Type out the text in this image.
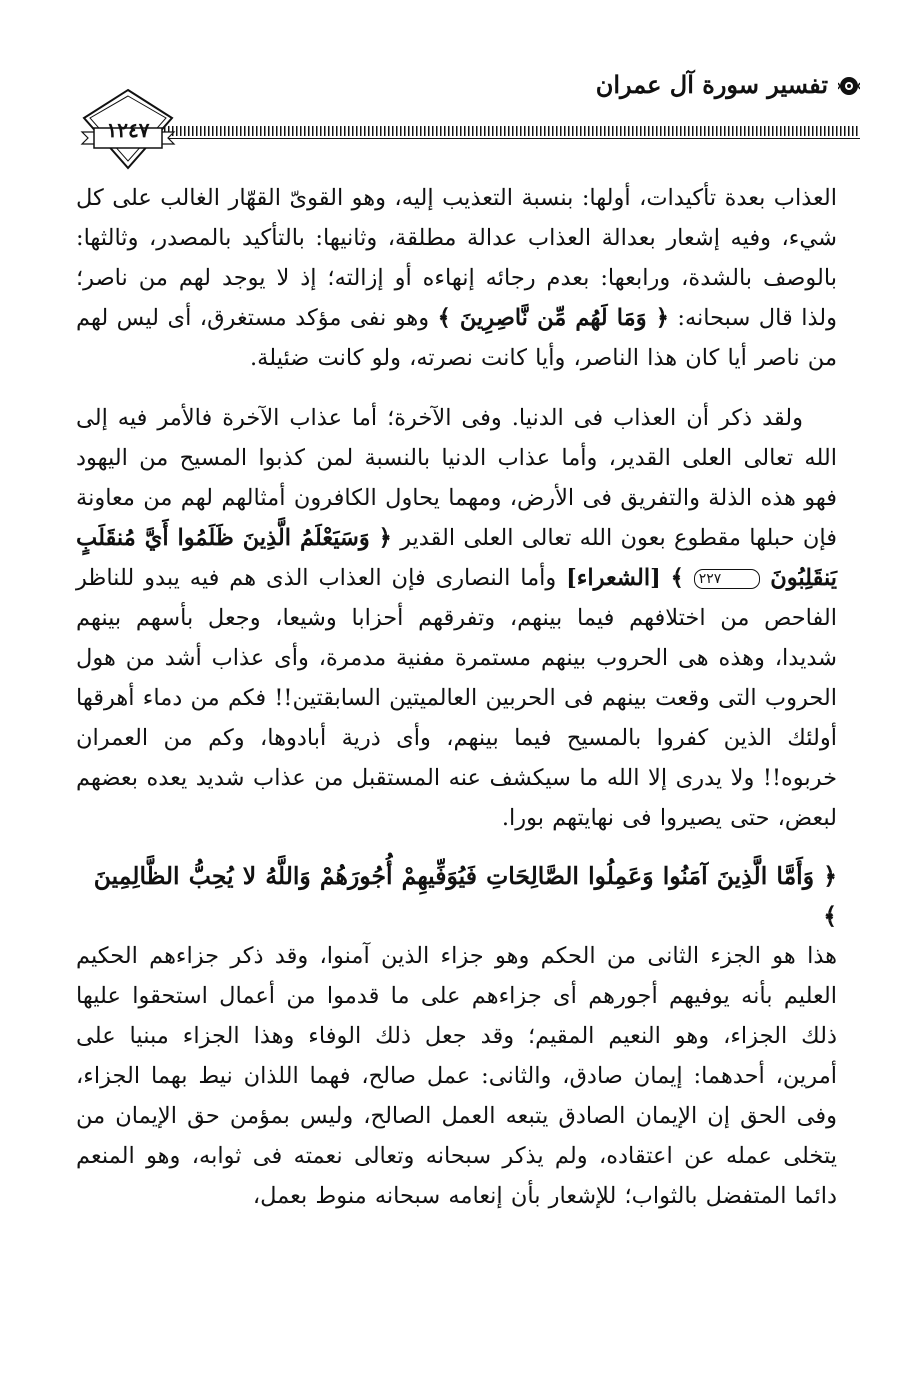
تفسير سورة آل عمران
١٢٤٧

العذاب بعدة تأكيدات، أولها: بنسبة التعذيب إليه، وهو القوىّ القهّار الغالب على كل شيء، وفيه إشعار بعدالة العذاب عدالة مطلقة، وثانيها: بالتأكيد بالمصدر، وثالثها: بالوصف بالشدة، ورابعها: بعدم رجائه إنهاءه أو إزالته؛ إذ لا يوجد لهم من ناصر؛ ولذا قال سبحانه: ﴿ وَمَا لَهُم مِّن نَّاصِرِينَ ﴾ وهو نفى مؤكد مستغرق، أى ليس لهم من ناصر أيا كان هذا الناصر، وأيا كانت نصرته، ولو كانت ضئيلة.

ولقد ذكر أن العذاب فى الدنيا. وفى الآخرة؛ أما عذاب الآخرة فالأمر فيه إلى الله تعالى العلى القدير، وأما عذاب الدنيا بالنسبة لمن كذبوا المسيح من اليهود فهو هذه الذلة والتفريق فى الأرض، ومهما يحاول الكافرون أمثالهم لهم من معاونة فإن حبلها مقطوع بعون الله تعالى العلى القدير ﴿ وَسَيَعْلَمُ الَّذِينَ ظَلَمُوا أَيَّ مُنقَلَبٍ يَنقَلِبُونَ ٢٢٧ ﴾ [الشعراء] وأما النصارى فإن العذاب الذى هم فيه يبدو للناظر الفاحص من اختلافهم فيما بينهم، وتفرقهم أحزابا وشيعا، وجعل بأسهم بينهم شديدا، وهذه هى الحروب بينهم مستمرة مفنية مدمرة، وأى عذاب أشد من هول الحروب التى وقعت بينهم فى الحربين العالميتين السابقتين!! فكم من دماء أهرقها أولئك الذين كفروا بالمسيح فيما بينهم، وأى ذرية أبادوها، وكم من العمران خربوه!! ولا يدرى إلا الله ما سيكشف عنه المستقبل من عذاب شديد يعده بعضهم لبعض، حتى يصيروا فى نهايتهم بورا.

﴿ وَأَمَّا الَّذِينَ آمَنُوا وَعَمِلُوا الصَّالِحَاتِ فَيُوَفِّيهِمْ أُجُورَهُمْ وَاللَّهُ لا يُحِبُّ الظَّالِمِينَ ﴾

هذا هو الجزء الثانى من الحكم وهو جزاء الذين آمنوا، وقد ذكر جزاءهم الحكيم العليم بأنه يوفيهم أجورهم أى جزاءهم على ما قدموا من أعمال استحقوا عليها ذلك الجزاء، وهو النعيم المقيم؛ وقد جعل ذلك الوفاء وهذا الجزاء مبنيا على أمرين، أحدهما: إيمان صادق، والثانى: عمل صالح، فهما اللذان نيط بهما الجزاء، وفى الحق إن الإيمان الصادق يتبعه العمل الصالح، وليس بمؤمن حق الإيمان من يتخلى عمله عن اعتقاده، ولم يذكر سبحانه وتعالى نعمته فى ثوابه، وهو المنعم دائما المتفضل بالثواب؛ للإشعار بأن إنعامه سبحانه منوط بعمل،
